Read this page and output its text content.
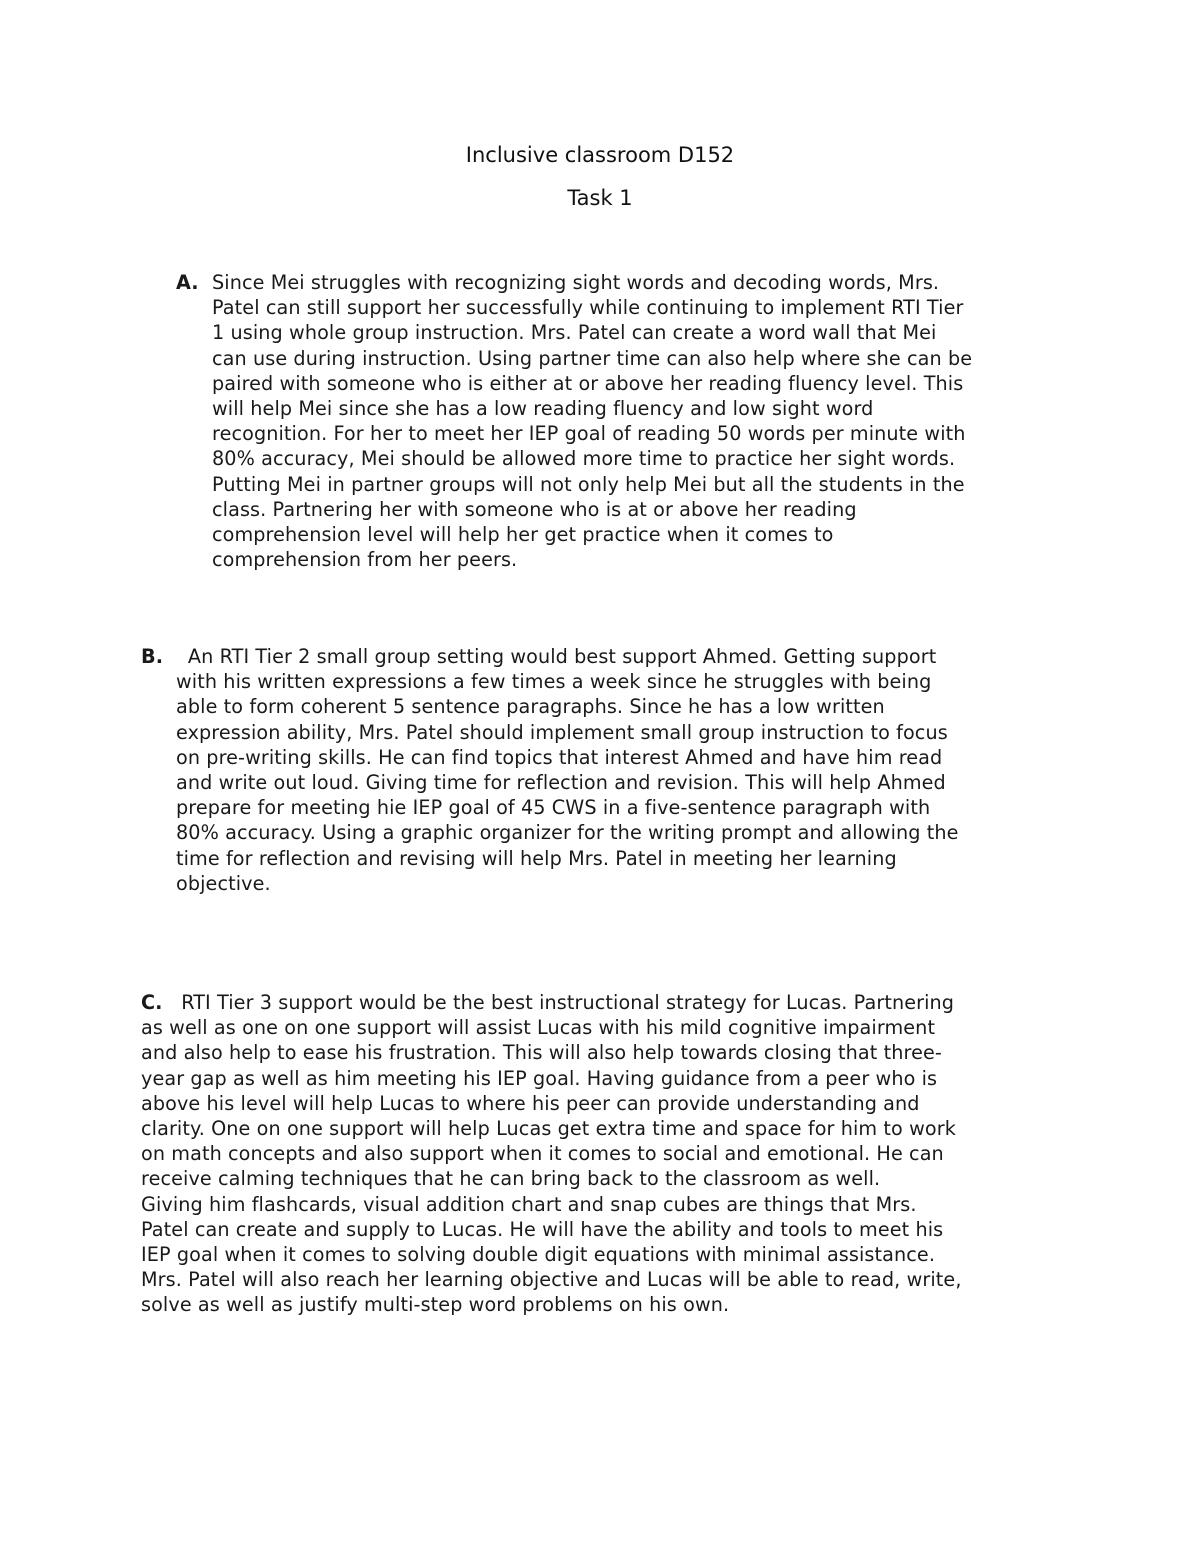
Inclusive classroom D152
Task 1
A. Since Mei struggles with recognizing sight words and decoding words, Mrs.
Patel can still support her successfully while continuing to implement RTI Tier
1 using whole group instruction. Mrs. Patel can create a word wall that Mei
can use during instruction. Using partner time can also help where she can be
paired with someone who is either at or above her reading fluency level. This
will help Mei since she has a low reading fluency and low sight word
recognition. For her to meet her IEP goal of reading 50 words per minute with
80% accuracy, Mei should be allowed more time to practice her sight words.
Putting Mei in partner groups will not only help Mei but all the students in the
class. Partnering her with someone who is at or above her reading
comprehension level will help her get practice when it comes to
comprehension from her peers.
B. An RTI Tier 2 small group setting would best support Ahmed. Getting support
with his written expressions a few times a week since he struggles with being
able to form coherent 5 sentence paragraphs. Since he has a low written
expression ability, Mrs. Patel should implement small group instruction to focus
on pre-writing skills. He can find topics that interest Ahmed and have him read
and write out loud. Giving time for reflection and revision. This will help Ahmed
prepare for meeting hie IEP goal of 45 CWS in a five-sentence paragraph with
80% accuracy. Using a graphic organizer for the writing prompt and allowing the
time for reflection and revising will help Mrs. Patel in meeting her learning
objective.
C. RTI Tier 3 support would be the best instructional strategy for Lucas. Partnering
as well as one on one support will assist Lucas with his mild cognitive impairment
and also help to ease his frustration. This will also help towards closing that three-
year gap as well as him meeting his IEP goal. Having guidance from a peer who is
above his level will help Lucas to where his peer can provide understanding and
clarity. One on one support will help Lucas get extra time and space for him to work
on math concepts and also support when it comes to social and emotional. He can
receive calming techniques that he can bring back to the classroom as well.
Giving him flashcards, visual addition chart and snap cubes are things that Mrs.
Patel can create and supply to Lucas. He will have the ability and tools to meet his
IEP goal when it comes to solving double digit equations with minimal assistance.
Mrs. Patel will also reach her learning objective and Lucas will be able to read, write,
solve as well as justify multi-step word problems on his own.
